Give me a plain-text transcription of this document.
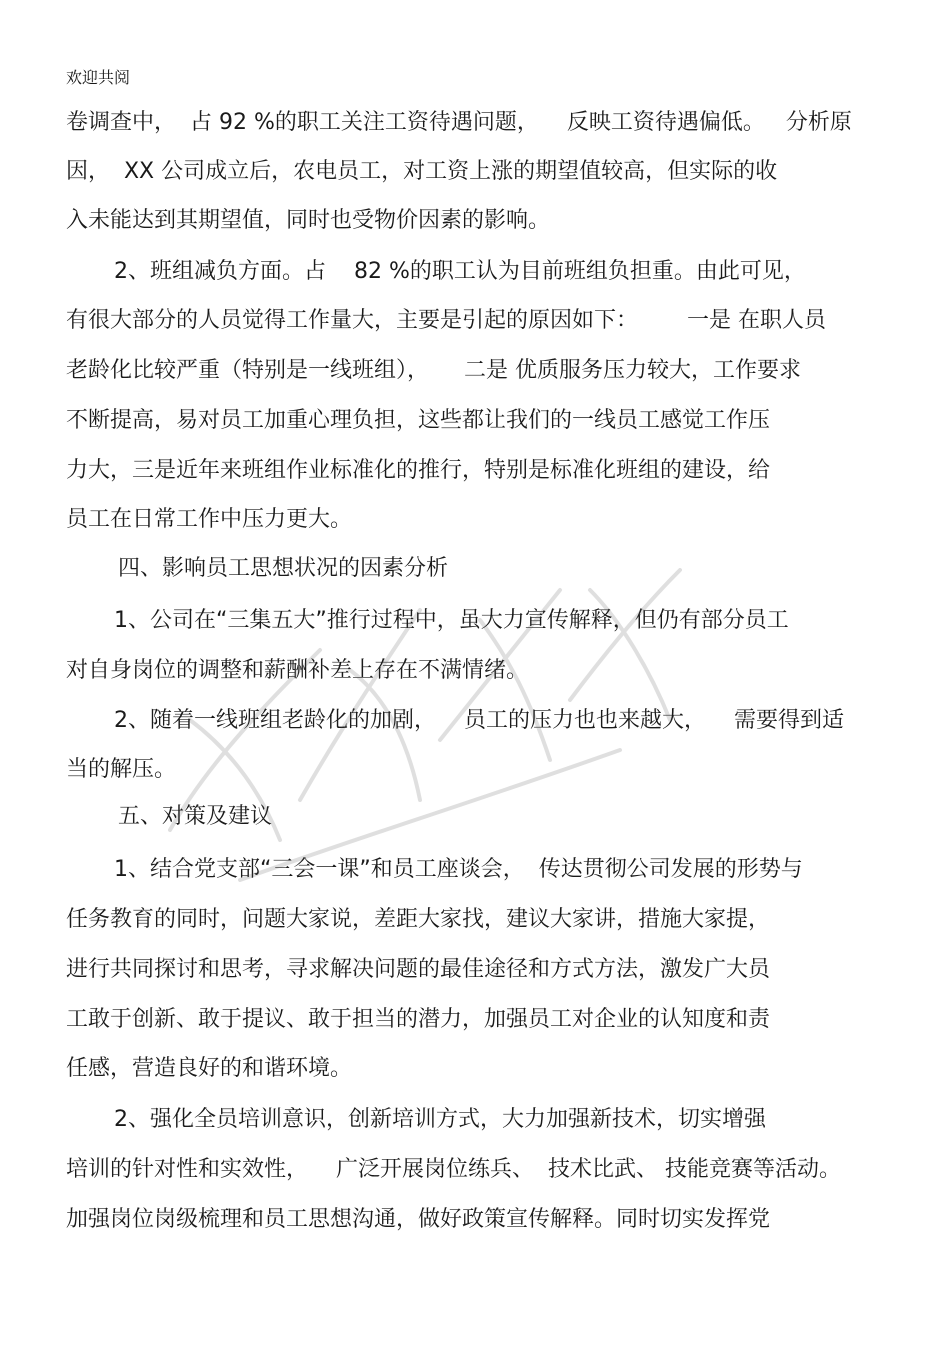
欢迎共阅
卷调查中，  占 92 %的职工关注工资待遇问题，    反映工资待遇偏低。   分析原
因，  XX 公司成立后，农电员工，对工资上涨的期望值较高，但实际的收
入未能达到其期望值，同时也受物价因素的影响。
2、班组减负方面。占    82 %的职工认为目前班组负担重。由此可见，
有很大部分的人员觉得工作量大，主要是引起的原因如下：       一是 在职人员
老龄化比较严重（特别是一线班组），     二是 优质服务压力较大，工作要求
不断提高，易对员工加重心理负担，这些都让我们的一线员工感觉工作压
力大，三是近年来班组作业标准化的推行，特别是标准化班组的建设，给
员工在日常工作中压力更大。
四、影响员工思想状况的因素分析
1、公司在“三集五大”推行过程中，虽大力宣传解释，但仍有部分员工
对自身岗位的调整和薪酬补差上存在不满情绪。
2、随着一线班组老龄化的加剧，    员工的压力也也来越大，    需要得到适
当的解压。
五、对策及建议
1、结合党支部“三会一课”和员工座谈会，  传达贯彻公司发展的形势与
任务教育的同时，问题大家说，差距大家找，建议大家讲，措施大家提，
进行共同探讨和思考，寻求解决问题的最佳途径和方式方法，激发广大员
工敢于创新、敢于提议、敢于担当的潜力，加强员工对企业的认知度和责
任感，营造良好的和谐环境。
2、强化全员培训意识，创新培训方式，大力加强新技术，切实增强
培训的针对性和实效性，    广泛开展岗位练兵、  技术比武、 技能竞赛等活动。
加强岗位岗级梳理和员工思想沟通，做好政策宣传解释。同时切实发挥党
